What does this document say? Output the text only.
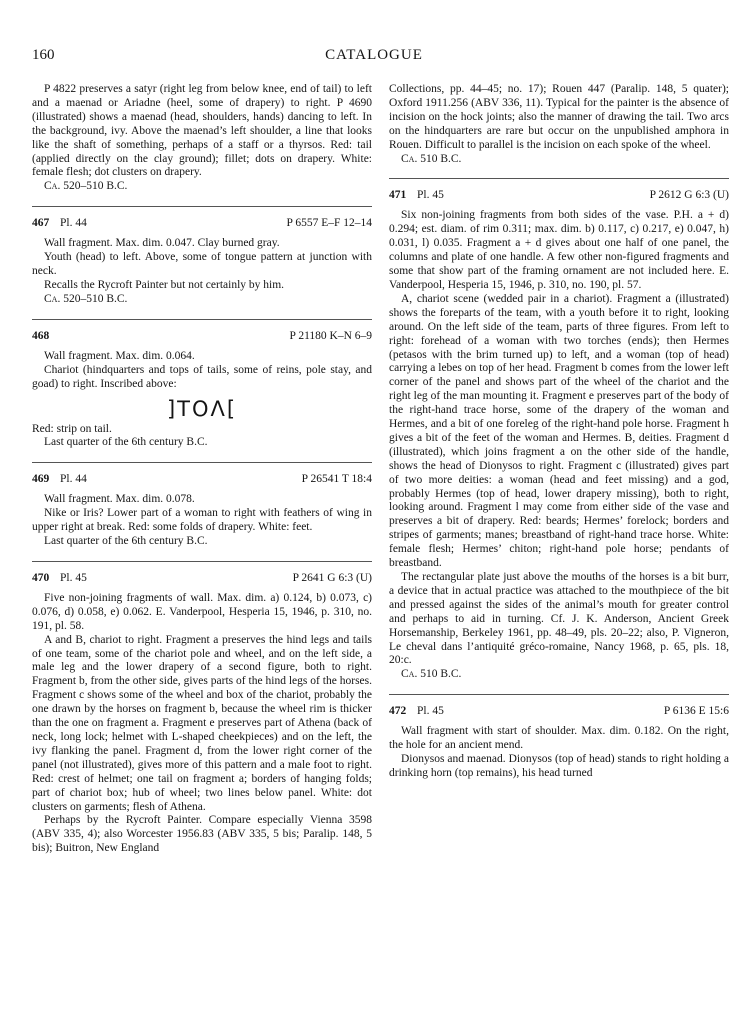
160	CATALOGUE

P 4822 preserves a satyr (right leg from below knee, end of tail) to left and a maenad or Ariadne (heel, some of drapery) to right. P 4690 (illustrated) shows a maenad (head, shoulders, hands) dancing to left. In the background, ivy. Above the maenad’s left shoulder, a line that looks like the shaft of something, perhaps of a staff or a thyrsos. Red: tail (applied directly on the clay ground); fillet; dots on drapery. White: female flesh; dot clusters on drapery.

Ca. 520–510 B.C.

467 Pl. 44	P 6557 E–F 12–14

Wall fragment. Max. dim. 0.047. Clay burned gray.

Youth (head) to left. Above, some of tongue pattern at junction with neck.

Recalls the Rycroft Painter but not certainly by him.

Ca. 520–510 B.C.

468	P 21180 K–N 6–9

Wall fragment. Max. dim. 0.064.

Chariot (hindquarters and tops of tails, some of reins, pole stay, and goad) to right. Inscribed above:

]ΤΟΛ[

Red: strip on tail.

Last quarter of the 6th century B.C.

469 Pl. 44	P 26541 T 18:4

Wall fragment. Max. dim. 0.078.

Nike or Iris? Lower part of a woman to right with feathers of wing in upper right at break. Red: some folds of drapery. White: feet.

Last quarter of the 6th century B.C.

470 Pl. 45	P 2641 G 6:3 (U)

Five non-joining fragments of wall. Max. dim. a) 0.124, b) 0.073, c) 0.076, d) 0.058, e) 0.062. E. Vanderpool, Hesperia 15, 1946, p. 310, no. 191, pl. 58.

A and B, chariot to right. Fragment a preserves the hind legs and tails of one team, some of the chariot pole and wheel, and on the left side, a male leg and the lower drapery of a second figure, both to right. Fragment b, from the other side, gives parts of the hind legs of the horses. Fragment c shows some of the wheel and box of the chariot, probably the one drawn by the horses on fragment b, because the wheel rim is thicker than the one on fragment a. Fragment e preserves part of Athena (back of neck, long lock; helmet with L-shaped cheekpieces) and on the left, the ivy flanking the panel. Fragment d, from the lower right corner of the panel (not illustrated), gives more of this pattern and a male foot to right. Red: crest of helmet; one tail on fragment a; borders of hanging folds; part of chariot box; hub of wheel; two lines below panel. White: dot clusters on garments; flesh of Athena.

Perhaps by the Rycroft Painter. Compare especially Vienna 3598 (ABV 335, 4); also Worcester 1956.83 (ABV 335, 5 bis; Paralip. 148, 5 bis); Buitron, New England

Collections, pp. 44–45; no. 17); Rouen 447 (Paralip. 148, 5 quater); Oxford 1911.256 (ABV 336, 11). Typical for the painter is the absence of incision on the hock joints; also the manner of drawing the tail. Two arcs on the hindquarters are rare but occur on the unpublished amphora in Rouen. Difficult to parallel is the incision on each spoke of the wheel.

Ca. 510 B.C.

471 Pl. 45	P 2612 G 6:3 (U)

Six non-joining fragments from both sides of the vase. P.H. a + d) 0.294; est. diam. of rim 0.311; max. dim. b) 0.117, c) 0.217, e) 0.047, h) 0.031, l) 0.035. Fragment a + d gives about one half of one panel, the columns and plate of one handle. A few other non-figured fragments and some that show part of the framing ornament are not included here. E. Vanderpool, Hesperia 15, 1946, p. 310, no. 190, pl. 57.

A, chariot scene (wedded pair in a chariot). Fragment a (illustrated) shows the foreparts of the team, with a youth before it to right, looking around. On the left side of the team, parts of three figures. From left to right: forehead of a woman with two torches (ends); then Hermes (petasos with the brim turned up) to left, and a woman (top of head) carrying a lebes on top of her head. Fragment b comes from the lower left corner of the panel and shows part of the wheel of the chariot and the right leg of the man mounting it. Fragment e preserves part of the body of the right-hand trace horse, some of the drapery of the woman and Hermes, and a bit of one foreleg of the right-hand pole horse. Fragment h gives a bit of the feet of the woman and Hermes. B, deities. Fragment d (illustrated), which joins fragment a on the other side of the handle, shows the head of Dionysos to right. Fragment c (illustrated) gives part of two more deities: a woman (head and feet missing) and a god, probably Hermes (top of head, lower drapery missing), both to right, looking around. Fragment l may come from either side of the vase and preserves a bit of drapery. Red: beards; Hermes’ forelock; borders and stripes of garments; manes; breastband of right-hand trace horse. White: female flesh; Hermes’ chiton; right-hand pole horse; pendants of breastband.

The rectangular plate just above the mouths of the horses is a bit burr, a device that in actual practice was attached to the mouthpiece of the bit and pressed against the sides of the animal’s mouth for greater control and perhaps to aid in turning. Cf. J. K. Anderson, Ancient Greek Horsemanship, Berkeley 1961, pp. 48–49, pls. 20–22; also, P. Vigneron, Le cheval dans l’antiquité gréco-romaine, Nancy 1968, p. 65, pls. 18, 20:c.

Ca. 510 B.C.

472 Pl. 45	P 6136 E 15:6

Wall fragment with start of shoulder. Max. dim. 0.182. On the right, the hole for an ancient mend.

Dionysos and maenad. Dionysos (top of head) stands to right holding a drinking horn (top remains), his head turned
